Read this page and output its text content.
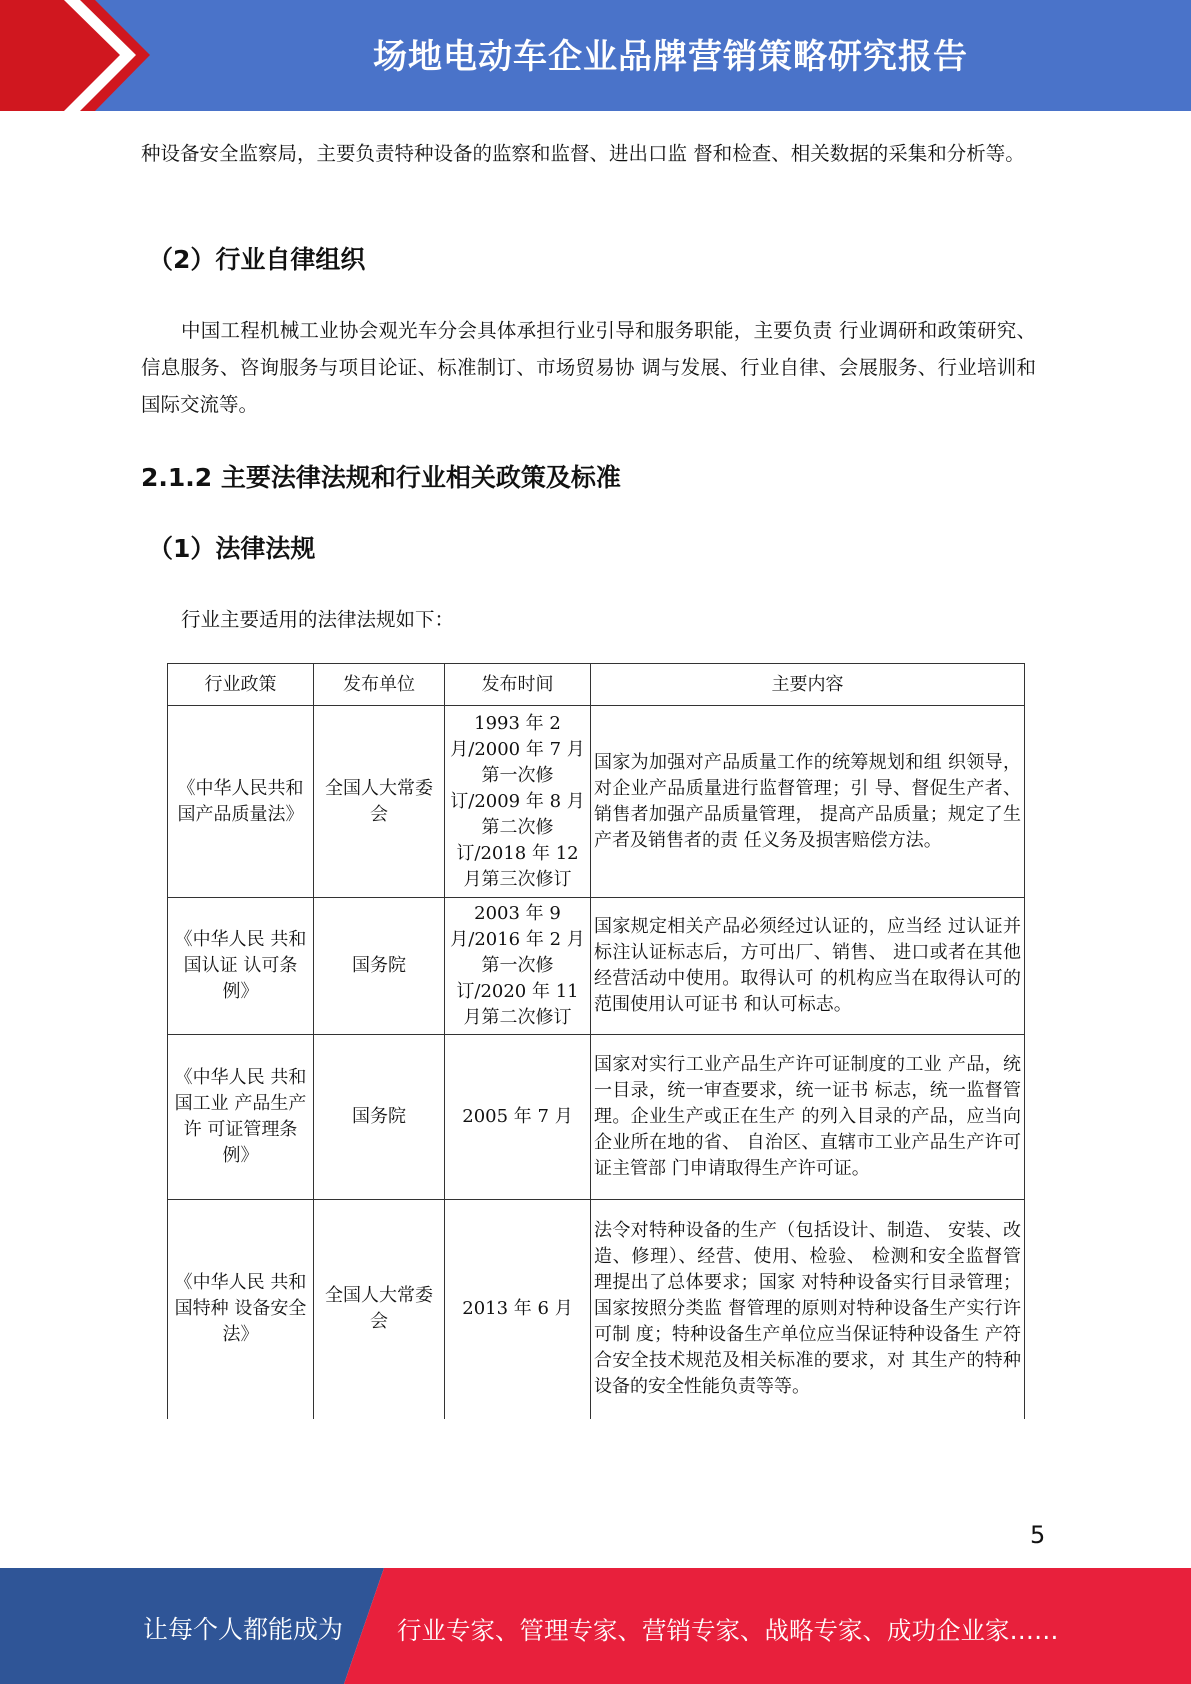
场地电动车企业品牌营销策略研究报告
种设备安全监察局，主要负责特种设备的监察和监督、进出口监 督和检查、相关数据的采集和分析等。
（2）行业自律组织
中国工程机械工业协会观光车分会具体承担行业引导和服务职能，主要负责 行业调研和政策研究、信息服务、咨询服务与项目论证、标准制订、市场贸易协 调与发展、行业自律、会展服务、行业培训和国际交流等。
2.1.2 主要法律法规和行业相关政策及标准
（1）法律法规
行业主要适用的法律法规如下：
行业政策	发布单位	发布时间	主要内容
《中华人民共和国产品质量法》	全国人大常委会	1993 年 2 月/2000 年 7 月第一次修订/2009 年 8 月第二次修订/2018 年 12 月第三次修订	国家为加强对产品质量工作的统筹规划和组 织领导，对企业产品质量进行监督管理；引 导、督促生产者、销售者加强产品质量管理， 提高产品质量；规定了生产者及销售者的责 任义务及损害赔偿方法。
《中华人民 共和国认证 认可条例》	国务院	2003 年 9月/2016 年 2 月第一次修订/2020 年 11 月第二次修订	国家规定相关产品必须经过认证的，应当经 过认证并标注认证标志后，方可出厂、销售、 进口或者在其他经营活动中使用。取得认可 的机构应当在取得认可的范围使用认可证书 和认可标志。
《中华人民 共和国工业 产品生产许 可证管理条 例》	国务院	2005 年 7 月	国家对实行工业产品生产许可证制度的工业 产品，统一目录，统一审查要求，统一证书 标志，统一监督管理。企业生产或正在生产 的列入目录的产品，应当向企业所在地的省、 自治区、直辖市工业产品生产许可证主管部 门申请取得生产许可证。
《中华人民 共和国特种 设备安全法》	全国人大常委会	2013 年 6 月	法令对特种设备的生产（包括设计、制造、 安装、改造、修理）、经营、使用、检验、 检测和安全监督管理提出了总体要求；国家 对特种设备实行目录管理；国家按照分类监 督管理的原则对特种设备生产实行许可制 度；特种设备生产单位应当保证特种设备生 产符合安全技术规范及相关标准的要求，对 其生产的特种设备的安全性能负责等等。
5
让每个人都能成为 行业专家、管理专家、营销专家、战略专家、成功企业家……
